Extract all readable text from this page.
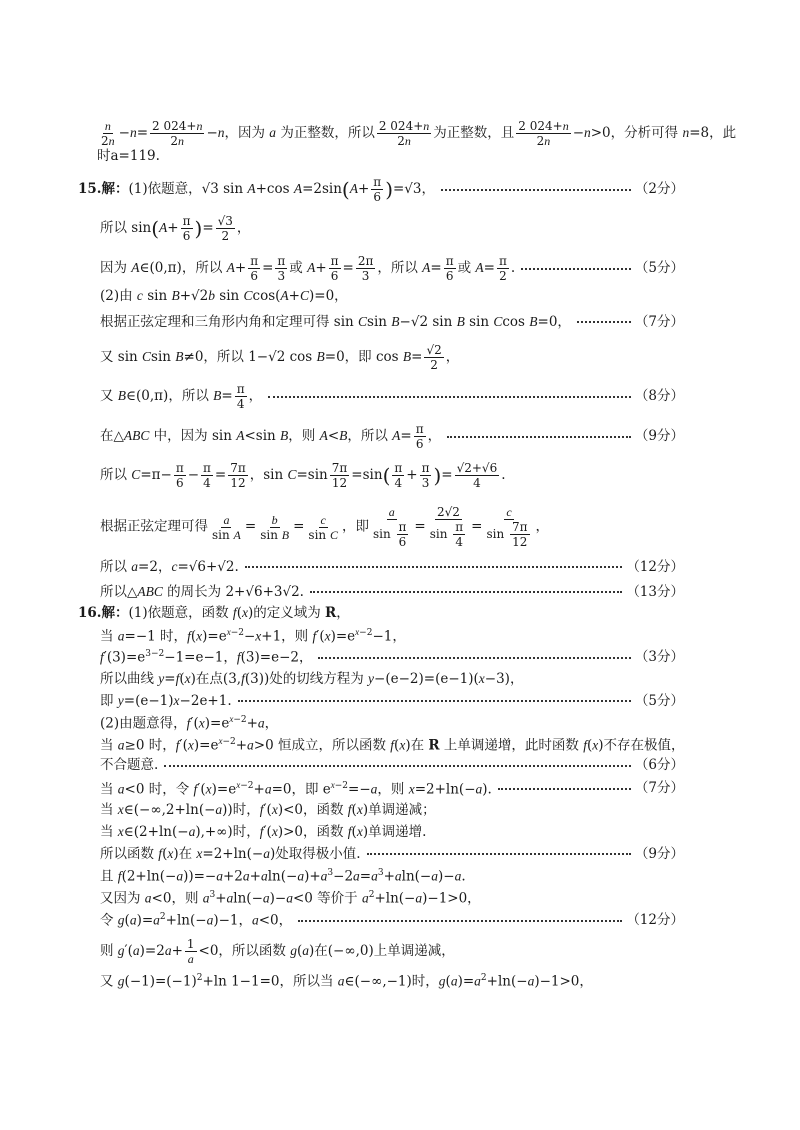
$\frac{n}{2n} -n= \frac{2 024+n}{2n} -n$，因为 a 为正整数，所以 $\frac{2 024+n}{2n}$ 为正整数，且 $\frac{2 024+n}{2n} -n>0$，分析可得 n=8，此
时a=119.
15. 解：(1)依题意，√3 sin A+cos $A=2\sin(A+ \frac{\pi}{6} )=√3$，	（2分）
所以 $\sin(A+ \frac{\pi}{6}$ )= $\frac{√3}{2}$ ，
因为 A∈(0,π)，所以 $A+ \frac{\pi}{6} = \frac{\pi}{3}$ 或 $A+ \frac{\pi}{6} = \frac{2\pi}{3}$ ，所以 $A= \frac{\pi}{6}$ 或 $A= \frac{\pi}{2}$ .	（5分）
(2)由 c sin B+√2b sin Ccos(A+C)=0，
根据正弦定理和三角形内角和定理可得 sin Csin B−√2 sin B sin Ccos B=0，	（7分）
又 sin Csin B≠0，所以 1−√2 cos B=0，即 $\cos B= \frac{√2}{2}$ ，
又 B∈(0,π)，所以 $B= \frac{\pi}{4}$ ，	（8分）
在△ABC 中，因为 sin A<sin B，则 A<B，所以 $A= \frac{\pi}{6}$ ，	（9分）
所以 $C=\pi- \frac{\pi}{6} - \frac{\pi}{4} = \frac{7\pi}{12}$ ，$\sin C=\sin \frac{7\pi}{12} =\sin( \frac{\pi}{4} + \frac{\pi}{3}$ )= $\frac{√2+√6}{4}$ .
根据正弦定理可得 $\frac{a}{\text{sin A}} = \frac{b}{\text{sin B}} = \frac{c}{\text{sin C}}$ ，即 $\frac{a}{\sin \frac{\pi}{6}} = \frac{2√2}{\sin \frac{\pi}{4}} = \frac{c}{\sin \frac{7\pi}{12}}$ ，
所以 a=2，c=√6+√2.	（12分）
所以△ABC 的周长为 2+√6+3√2.	（13分）
16. 解：(1)依题意，函数 f(x)的定义域为 R，
当 a=−1 时，$f(x)=e^{x-2}-x+1$，则 $f'(x)=e^{x-2}-1$，
$f'(3)=e^{3-2}-1=e-1$，f(3)=e−2，	（3分）
所以曲线 y=f(x)在点(3,f(3))处的切线方程为 y−(e−2)=(e−1)(x−3)，
即 y=(e−1)x−2e+1.	（5分）
(2)由题意得，$f'(x)=e^{x-2}+a$，
当 a≥0 时，$f'(x)=e^{x-2}+a>0$ 恒成立，所以函数 f(x)在 R 上单调递增，此时函数 f(x)不存在极值，
不合题意.	（6分）
当 a<0 时，令 $f'(x)=e^{x-2}+a=0$，即 $e^{x-2}=-a$，则 x=2+ln(−a).	（7分）
当 x∈(−∞,2+ln(−a))时，f′(x)<0，函数 f(x)单调递减；
当 x∈(2+ln(−a),+∞)时，f′(x)>0，函数 f(x)单调递增.
所以函数 f(x)在 x=2+ln(−a)处取得极小值.	（9分）
且 $f(2+\ln(-a))=-a+2a+aln(-a)+a^3-2a=a^3+aln(-a)-a$.
又因为 a<0，则 $a^3+aln(-a)-a<0$ 等价于 $a^2+\ln(-a)-1>0$，
令 $g(a)=a^2+\ln(-a)-1$，a<0，	（12分）
则 $g'(a)=2a+ \frac{1}{a} <0$，所以函数 g(a)在(−∞,0)上单调递减，
又 $g(-1)=(-1)^2+\ln$ 1−1=0，所以当 a∈(−∞,−1)时，$g(a)=a^2+\ln(-a)-1>0$，
